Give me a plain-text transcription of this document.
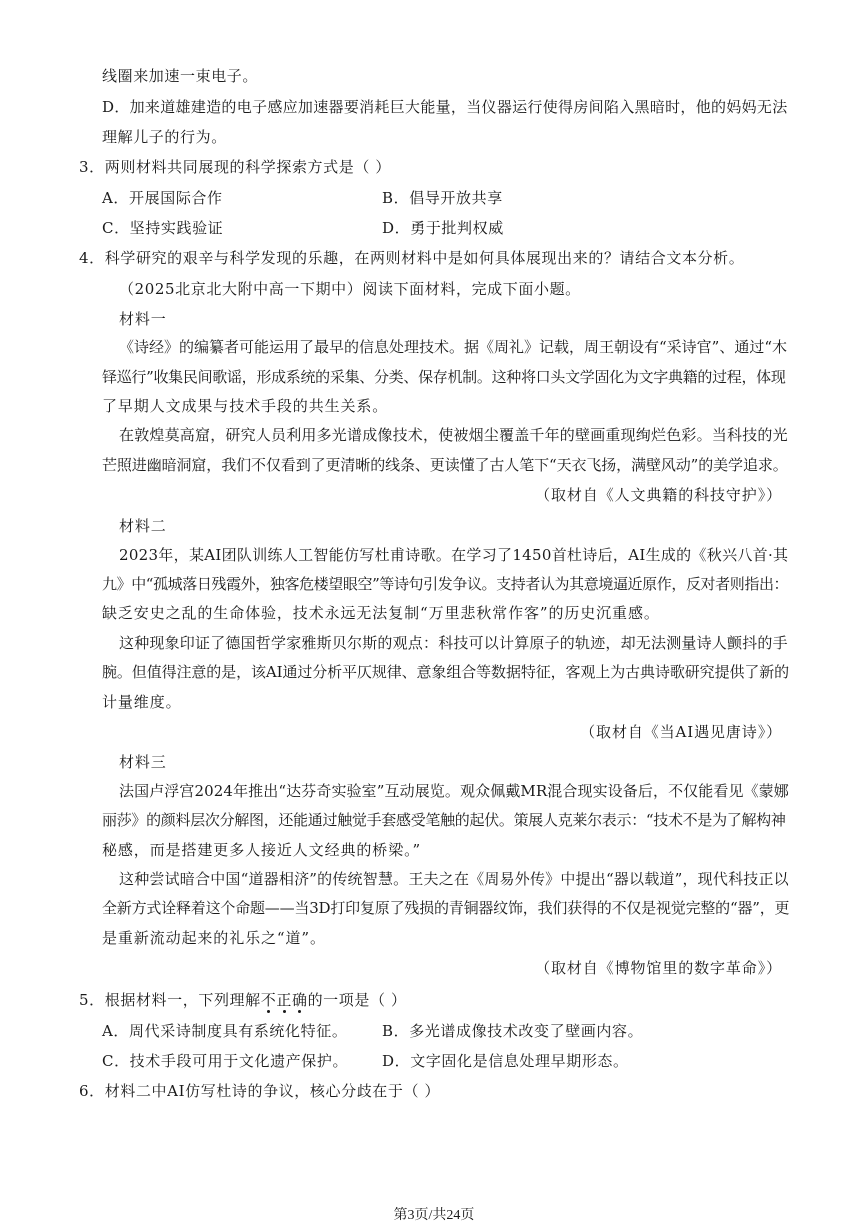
线圈来加速一束电子。
D．加来道雄建造的电子感应加速器要消耗巨大能量，当仪器运行使得房间陷入黑暗时，他的妈妈无法
理解儿子的行为。
3．两则材料共同展现的科学探索方式是（ ）
A．开展国际合作	B．倡导开放共享
C．坚持实践验证	D．勇于批判权威
4．科学研究的艰辛与科学发现的乐趣，在两则材料中是如何具体展现出来的？请结合文本分析。
（2025北京北大附中高一下期中）阅读下面材料，完成下面小题。
材料一
《诗经》的编纂者可能运用了最早的信息处理技术。据《周礼》记载，周王朝设有“采诗官”、通过“木
铎巡行”收集民间歌谣，形成系统的采集、分类、保存机制。这种将口头文学固化为文字典籍的过程，体现
了早期人文成果与技术手段的共生关系。
在敦煌莫高窟，研究人员利用多光谱成像技术，使被烟尘覆盖千年的壁画重现绚烂色彩。当科技的光
芒照进幽暗洞窟，我们不仅看到了更清晰的线条、更读懂了古人笔下“天衣飞扬，满壁风动”的美学追求。
（取材自《人文典籍的科技守护》）
材料二
2023年，某AI团队训练人工智能仿写杜甫诗歌。在学习了1450首杜诗后，AI生成的《秋兴八首·其
九》中“孤城落日残霞外，独客危楼望眼空”等诗句引发争议。支持者认为其意境逼近原作，反对者则指出：
缺乏安史之乱的生命体验，技术永远无法复制“万里悲秋常作客”的历史沉重感。
这种现象印证了德国哲学家雅斯贝尔斯的观点：科技可以计算原子的轨迹，却无法测量诗人颤抖的手
腕。但值得注意的是，该AI通过分析平仄规律、意象组合等数据特征，客观上为古典诗歌研究提供了新的
计量维度。
（取材自《当AI遇见唐诗》）
材料三
法国卢浮宫2024年推出“达芬奇实验室”互动展览。观众佩戴MR混合现实设备后，不仅能看见《蒙娜
丽莎》的颜料层次分解图，还能通过触觉手套感受笔触的起伏。策展人克莱尔表示：“技术不是为了解构神
秘感，而是搭建更多人接近人文经典的桥梁。”
这种尝试暗合中国“道器相济”的传统智慧。王夫之在《周易外传》中提出“器以载道”，现代科技正以
全新方式诠释着这个命题——当3D打印复原了残损的青铜器纹饰，我们获得的不仅是视觉完整的“器”，更
是重新流动起来的礼乐之“道”。
（取材自《博物馆里的数字革命》）
5．根据材料一，下列理解不正确的一项是（ ）
A．周代采诗制度具有系统化特征。 B．多光谱成像技术改变了壁画内容。
C．技术手段可用于文化遗产保护。 D．文字固化是信息处理早期形态。
6．材料二中AI仿写杜诗的争议，核心分歧在于（ ）
第3页/共24页
